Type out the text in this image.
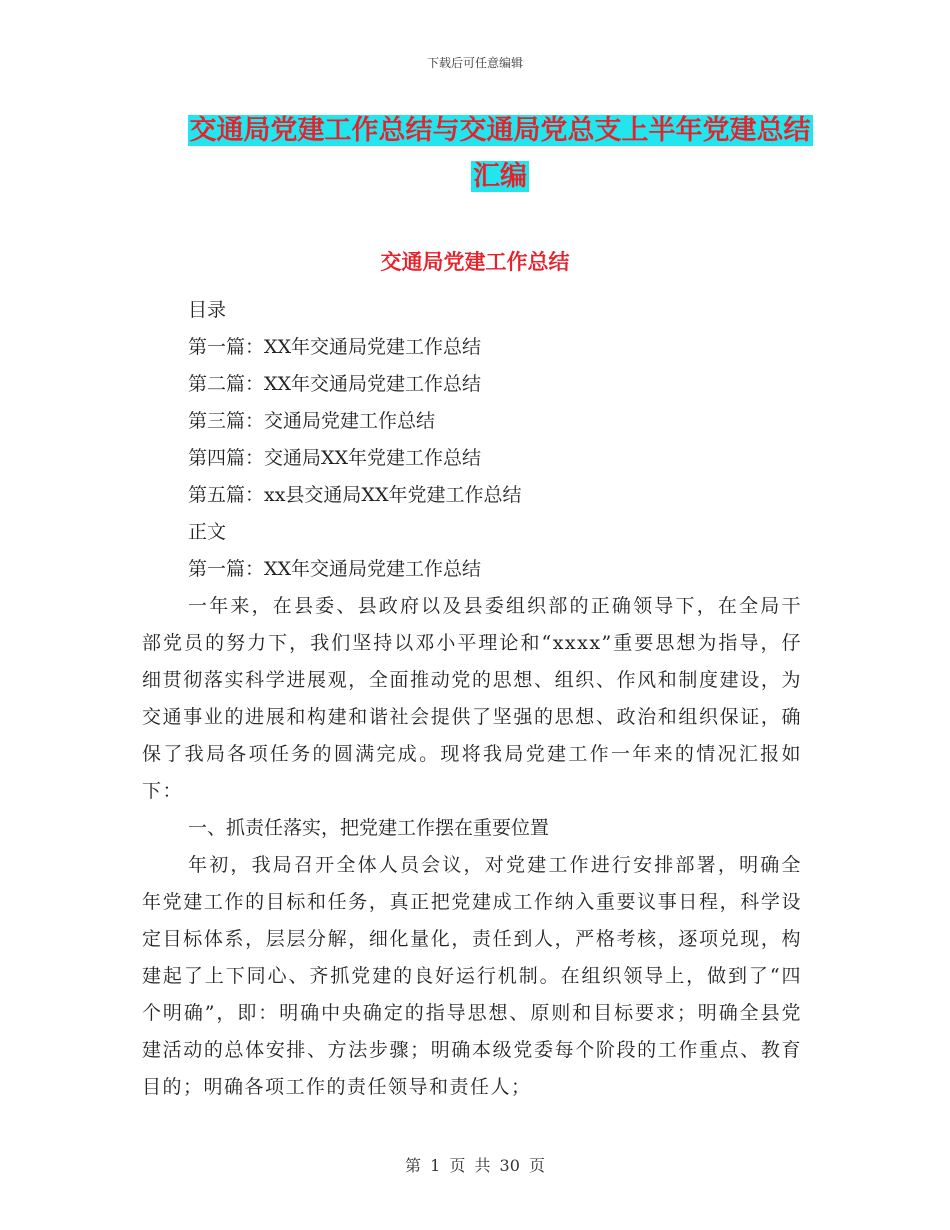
下载后可任意编辑
交通局党建工作总结与交通局党总支上半年党建总结
汇编
交通局党建工作总结

目录

第一篇：XX年交通局党建工作总结

第二篇：XX年交通局党建工作总结

第三篇：交通局党建工作总结

第四篇：交通局XX年党建工作总结

第五篇：xx县交通局XX年党建工作总结

正文

第一篇：XX年交通局党建工作总结

一年来，在县委、县政府以及县委组织部的正确领导下，在全局干部党员的努力下，我们坚持以邓小平理论和“xxxx”重要思想为指导，仔细贯彻落实科学进展观，全面推动党的思想、组织、作风和制度建设，为交通事业的进展和构建和谐社会提供了坚强的思想、政治和组织保证，确保了我局各项任务的圆满完成。现将我局党建工作一年来的情况汇报如下：

一、抓责任落实，把党建工作摆在重要位置

年初，我局召开全体人员会议，对党建工作进行安排部署，明确全年党建工作的目标和任务，真正把党建成工作纳入重要议事日程，科学设定目标体系，层层分解，细化量化，责任到人，严格考核，逐项兑现，构建起了上下同心、齐抓党建的良好运行机制。在组织领导上，做到了“四个明确”，即：明确中央确定的指导思想、原则和目标要求；明确全县党建活动的总体安排、方法步骤；明确本级党委每个阶段的工作重点、教育目的；明确各项工作的责任领导和责任人；

第 1 页 共 30 页
